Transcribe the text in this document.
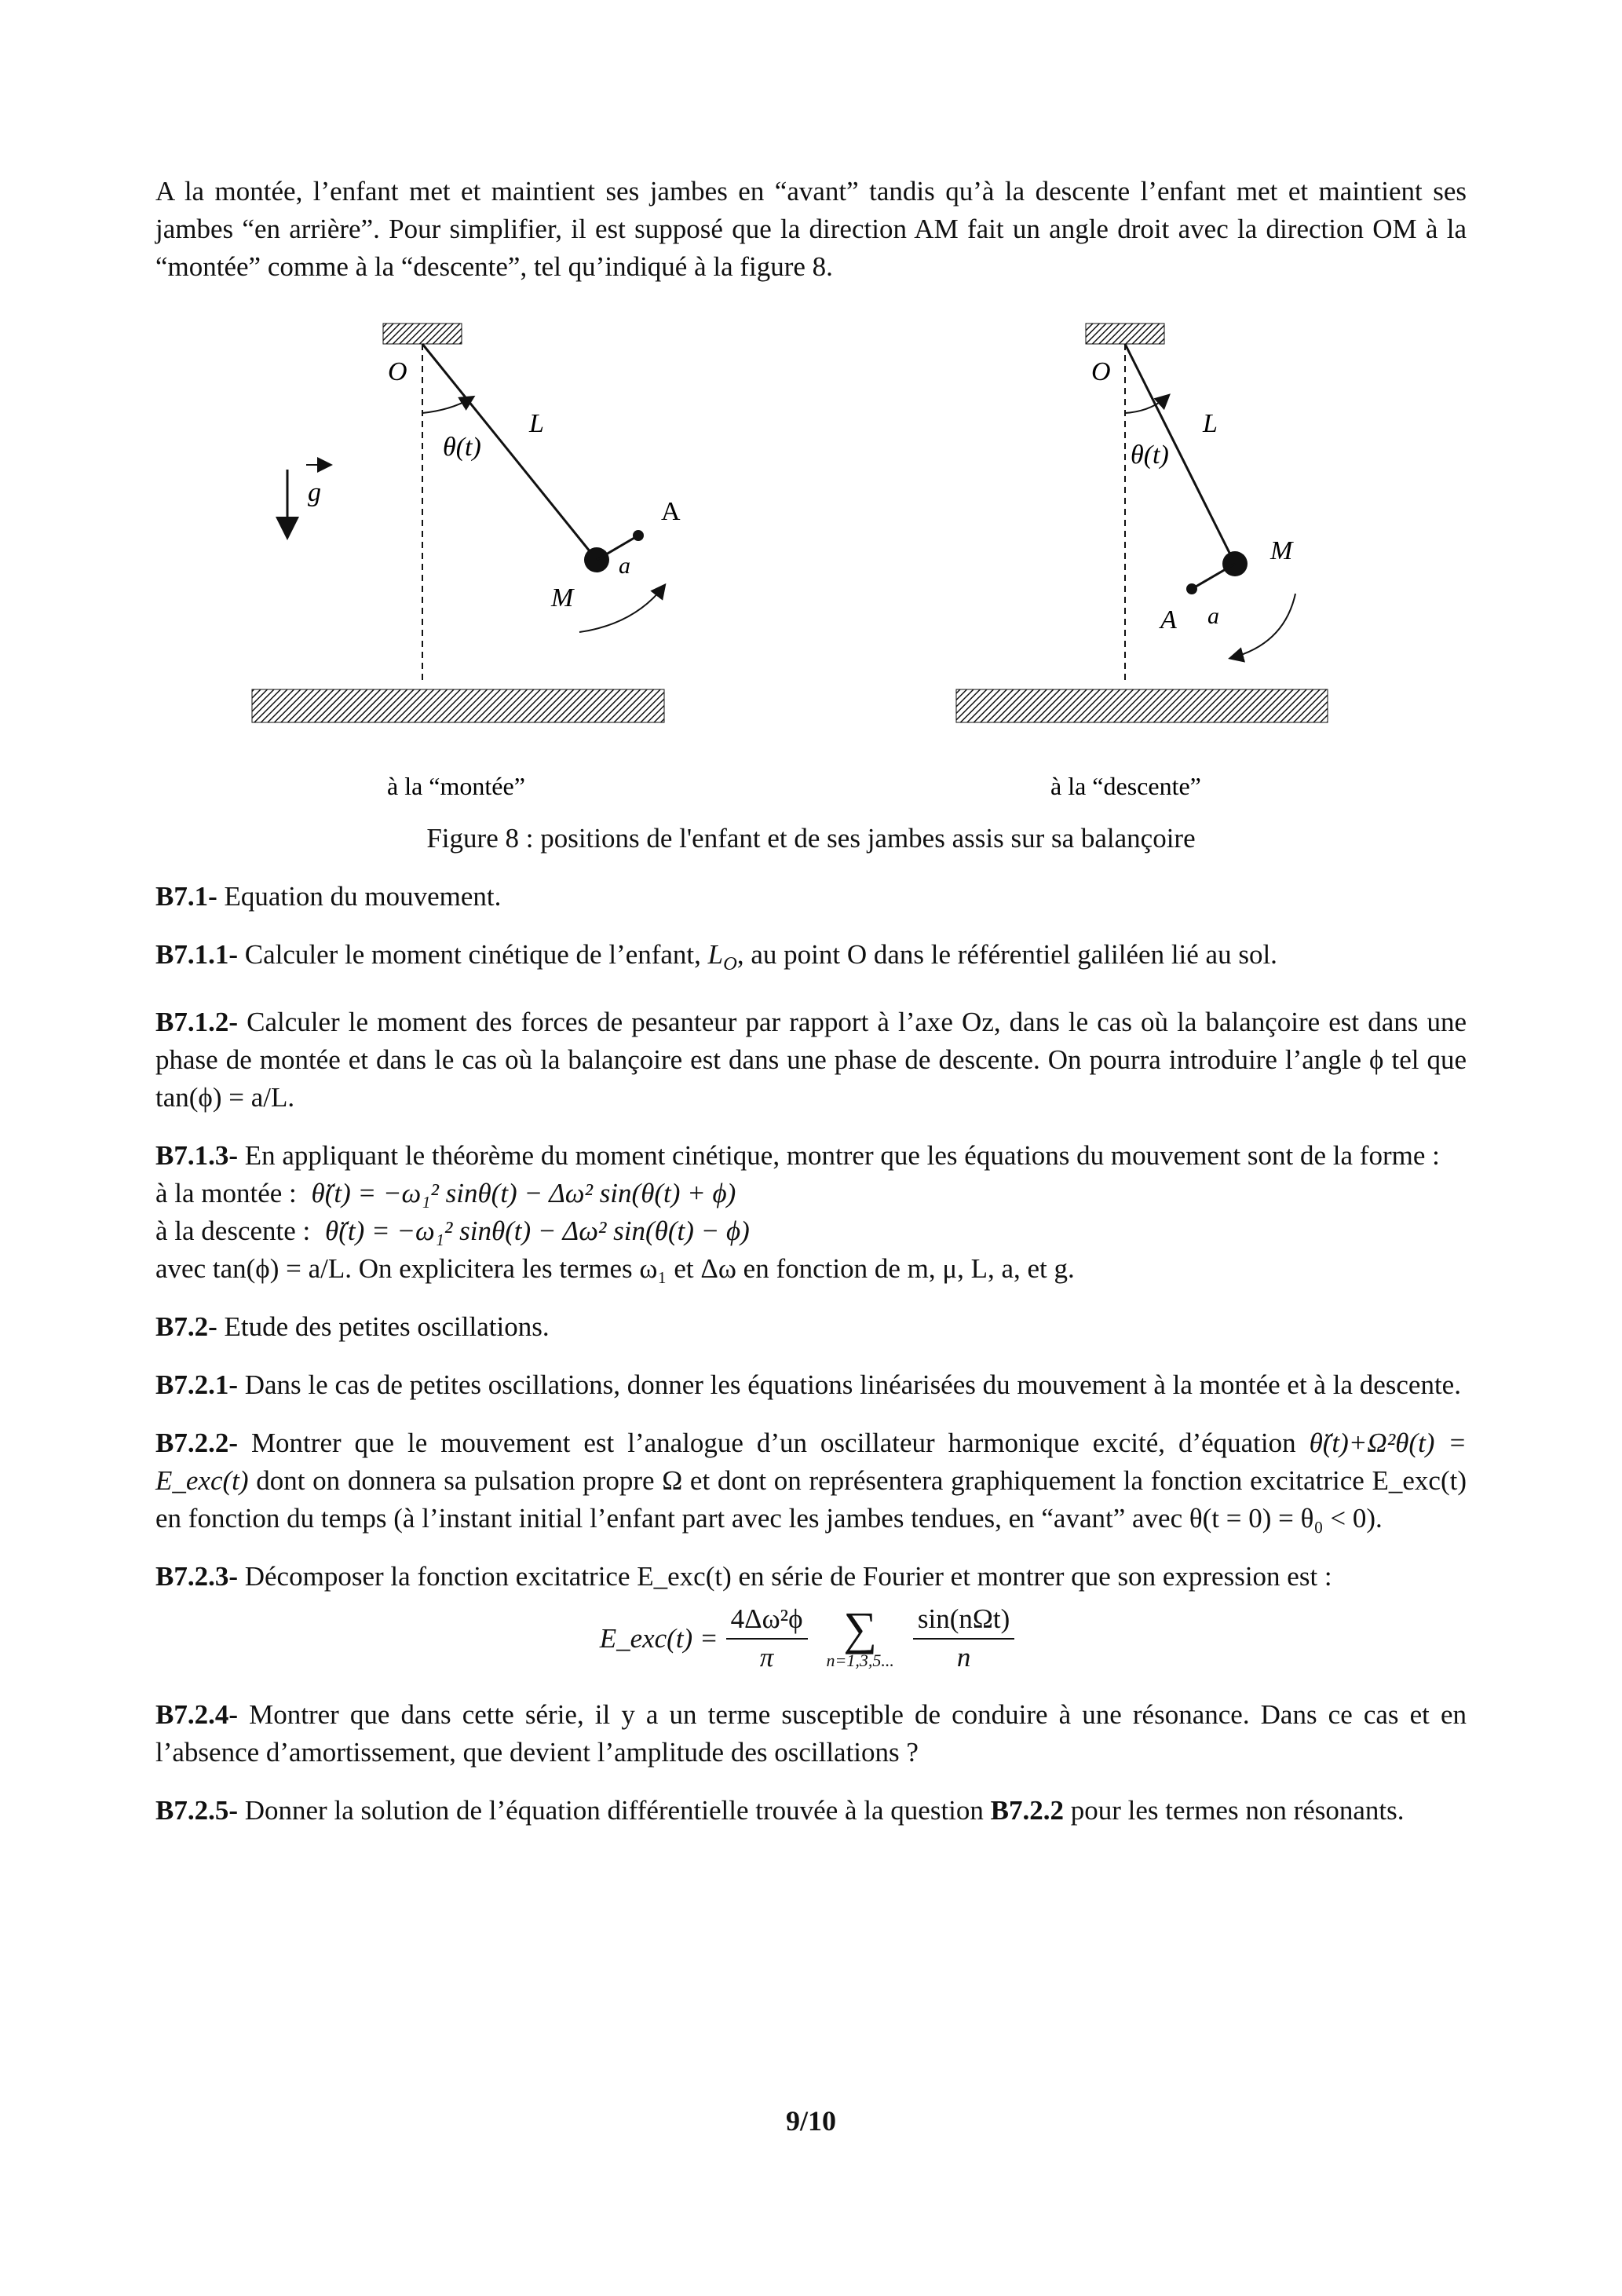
A la montée, l’enfant met et maintient ses jambes en “avant” tandis qu’à la descente l’enfant met et maintient ses jambes “en arrière”. Pour simplifier, il est supposé que la direction AM fait un angle droit avec la direction OM à la “montée” comme à la “descente”, tel qu’indiqué à la figure 8.

O
L
θ(t)
A
M
a
g
O
L
θ(t)
M
A a
à la “montée”	à la “descente”
Figure 8 : positions de l'enfant et de ses jambes assis sur sa balançoire

B7.1- Equation du mouvement.

B7.1.1- Calculer le moment cinétique de l’enfant, $L_O$, au point O dans le référentiel galiléen lié au sol.

B7.1.2- Calculer le moment des forces de pesanteur par rapport à l’axe Oz, dans le cas où la balançoire est dans une phase de montée et dans le cas où la balançoire est dans une phase de descente. On pourra introduire l’angle ϕ tel que tan(ϕ) = a/L.

B7.1.3- En appliquant le théorème du moment cinétique, montrer que les équations du mouvement sont de la forme :

à la montée : θ̈(t) = −ω₁² sinθ(t) − Δω² sin(θ(t) + ϕ)
à la descente : θ̈(t) = −ω₁² sinθ(t) − Δω² sin(θ(t) − ϕ)

avec tan(ϕ) = a/L. On explicitera les termes ω₁ et Δω en fonction de m, μ, L, a, et g.

B7.2- Etude des petites oscillations.

B7.2.1- Dans le cas de petites oscillations, donner les équations linéarisées du mouvement à la montée et à la descente.

B7.2.2- Montrer que le mouvement est l’analogue d’un oscillateur harmonique excité, d’équation θ̈(t)+Ω²θ(t) = E_exc(t) dont on donnera sa pulsation propre Ω et dont on représentera graphiquement la fonction excitatrice E_exc(t) en fonction du temps (à l’instant initial l’enfant part avec les jambes tendues, en “avant” avec θ(t = 0) = θ₀ < 0).

B7.2.3- Décomposer la fonction excitatrice E_exc(t) en série de Fourier et montrer que son expression est :

E_exc(t) = $\frac{\text{4Δω²ϕ}}{\pi}$ ∑
n=1,3,5... $\frac{\text{sin(nΩt)}}{n}$

B7.2.4- Montrer que dans cette série, il y a un terme susceptible de conduire à une résonance. Dans ce cas et en l’absence d’amortissement, que devient l’amplitude des oscillations ?

B7.2.5- Donner la solution de l’équation différentielle trouvée à la question B7.2.2 pour les termes non résonants.

9/10
